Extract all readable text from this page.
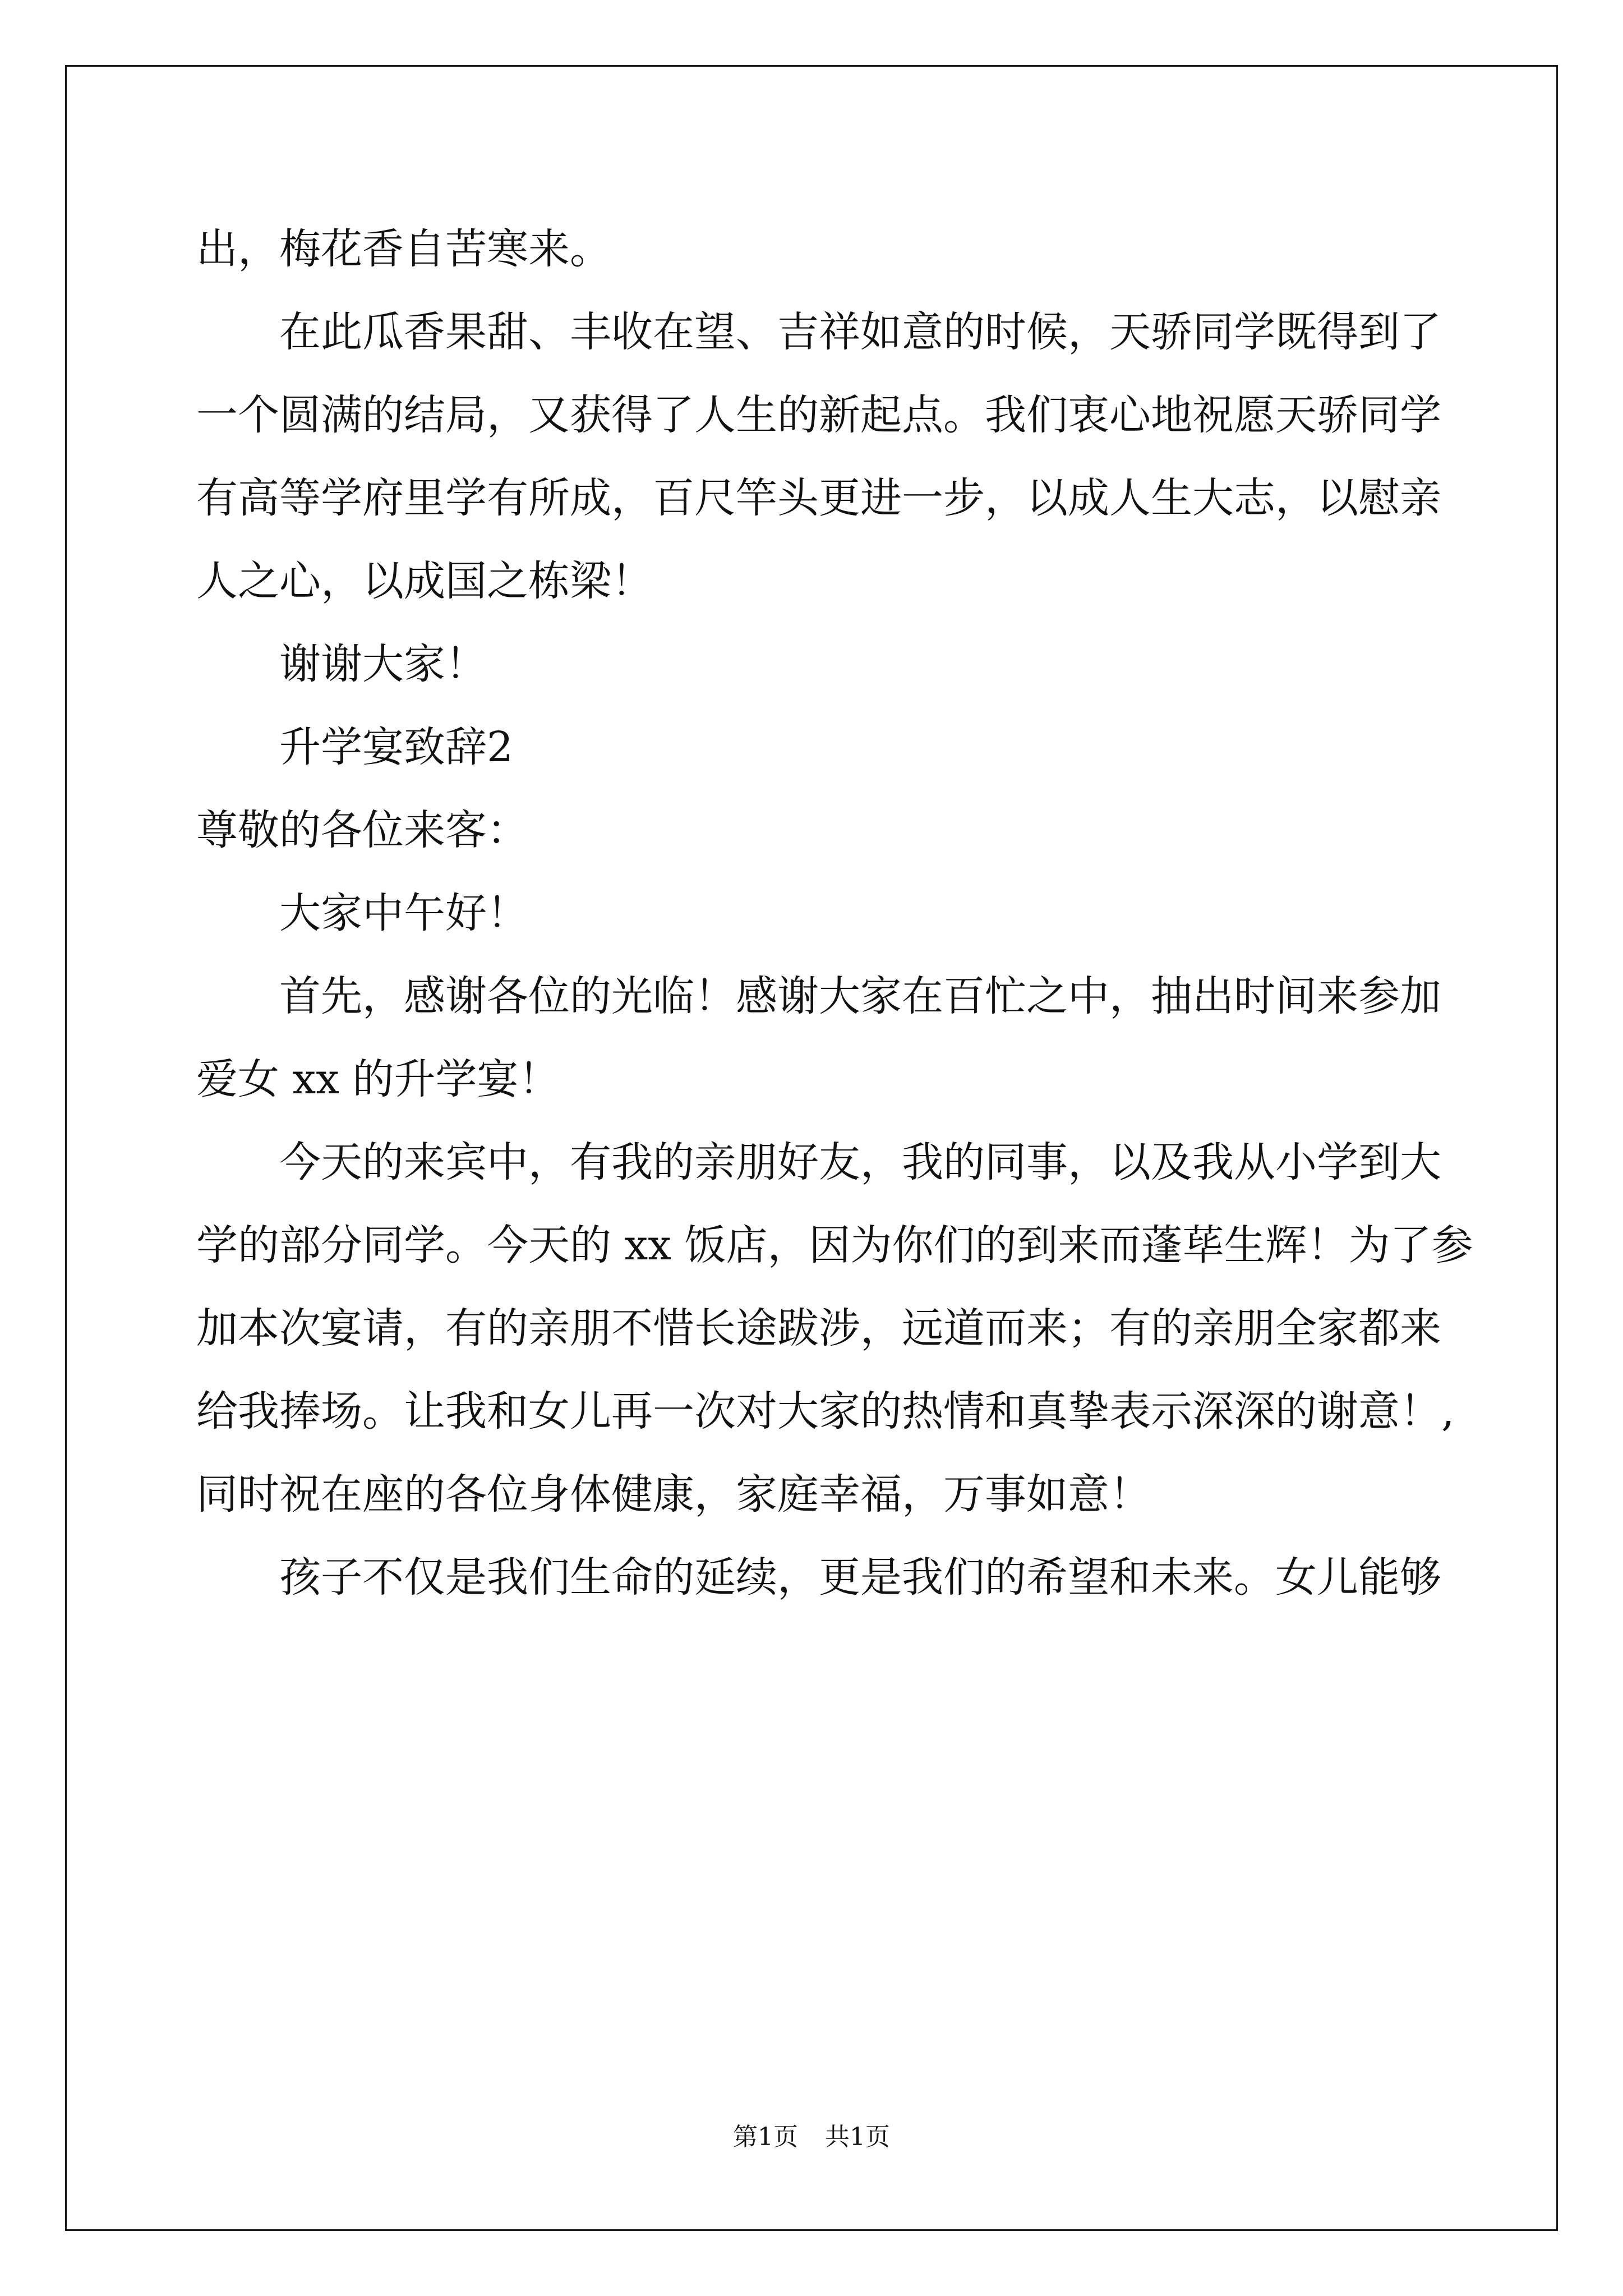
出，梅花香自苦寒来。
在此瓜香果甜、丰收在望、吉祥如意的时候，天骄同学既得到了
一个圆满的结局，又获得了人生的新起点。我们衷心地祝愿天骄同学
有高等学府里学有所成，百尺竿头更进一步，以成人生大志，以慰亲
人之心，以成国之栋梁！
谢谢大家！
升学宴致辞2
尊敬的各位来客：
大家中午好！
首先，感谢各位的光临！感谢大家在百忙之中，抽出时间来参加
爱女 xx 的升学宴！
今天的来宾中，有我的亲朋好友，我的同事，以及我从小学到大
学的部分同学。今天的 xx 饭店，因为你们的到来而蓬荜生辉！为了参
加本次宴请，有的亲朋不惜长途跋涉，远道而来；有的亲朋全家都来
给我捧场。让我和女儿再一次对大家的热情和真挚表示深深的谢意！,
同时祝在座的各位身体健康，家庭幸福，万事如意！
孩子不仅是我们生命的延续，更是我们的希望和未来。女儿能够
第1页 共1页
